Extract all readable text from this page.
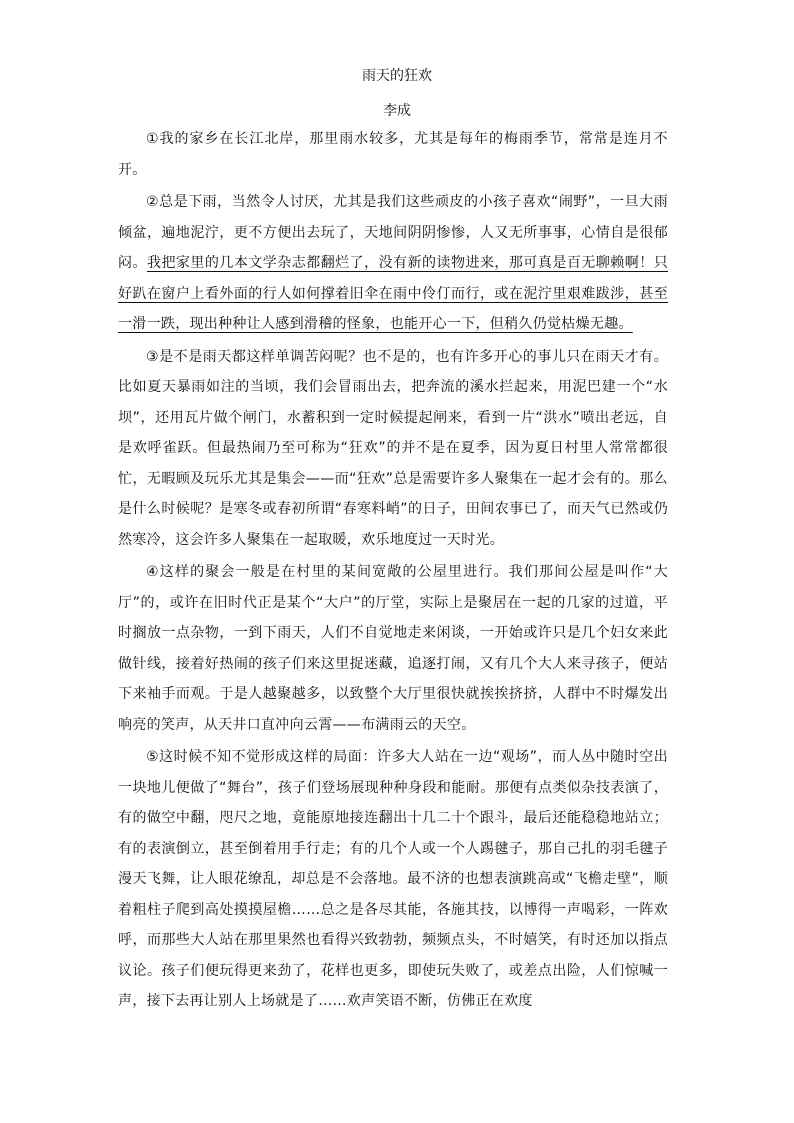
雨天的狂欢
李成

①我的家乡在长江北岸，那里雨水较多，尤其是每年的梅雨季节，常常是连月不开。

②总是下雨，当然令人讨厌，尤其是我们这些顽皮的小孩子喜欢“闹野”，一旦大雨倾盆，遍地泥泞，更不方便出去玩了，天地间阴阴惨惨，人又无所事事，心情自是很郁闷。我把家里的几本文学杂志都翻烂了，没有新的读物进来，那可真是百无聊赖啊！只好趴在窗户上看外面的行人如何撑着旧伞在雨中伶仃而行，或在泥泞里艰难跋涉，甚至一滑一跌，现出种种让人感到滑稽的怪象，也能开心一下，但稍久仍觉枯燥无趣。

③是不是雨天都这样单调苦闷呢？也不是的，也有许多开心的事儿只在雨天才有。比如夏天暴雨如注的当顷，我们会冒雨出去，把奔流的溪水拦起来，用泥巴建一个“水坝”，还用瓦片做个闸门，水蓄积到一定时候提起闸来，看到一片“洪水”喷出老远，自是欢呼雀跃。但最热闹乃至可称为“狂欢”的并不是在夏季，因为夏日村里人常常都很忙，无暇顾及玩乐尤其是集会——而“狂欢”总是需要许多人聚集在一起才会有的。那么是什么时候呢？是寒冬或春初所谓“春寒料峭”的日子，田间农事已了，而天气已然或仍然寒冷，这会许多人聚集在一起取暖，欢乐地度过一天时光。

④这样的聚会一般是在村里的某间宽敞的公屋里进行。我们那间公屋是叫作“大厅”的，或许在旧时代正是某个“大户”的厅堂，实际上是聚居在一起的几家的过道，平时搁放一点杂物，一到下雨天，人们不自觉地走来闲谈，一开始或许只是几个妇女来此做针线，接着好热闹的孩子们来这里捉迷藏，追逐打闹，又有几个大人来寻孩子，便站下来袖手而观。于是人越聚越多，以致整个大厅里很快就挨挨挤挤，人群中不时爆发出响亮的笑声，从天井口直冲向云霄——布满雨云的天空。

⑤这时候不知不觉形成这样的局面：许多大人站在一边“观场”，而人丛中随时空出一块地儿便做了“舞台”，孩子们登场展现种种身段和能耐。那便有点类似杂技表演了，有的做空中翻，咫尺之地，竟能原地接连翻出十几二十个跟斗，最后还能稳稳地站立；有的表演倒立，甚至倒着用手行走；有的几个人或一个人踢毽子，那自己扎的羽毛毽子漫天飞舞，让人眼花缭乱，却总是不会落地。最不济的也想表演跳高或“飞檐走壁”，顺着粗柱子爬到高处摸摸屋檐……总之是各尽其能，各施其技，以博得一声喝彩，一阵欢呼，而那些大人站在那里果然也看得兴致勃勃，频频点头，不时嬉笑，有时还加以指点议论。孩子们便玩得更来劲了，花样也更多，即使玩失败了，或差点出险，人们惊喊一声，接下去再让别人上场就是了……欢声笑语不断，仿佛正在欢度
